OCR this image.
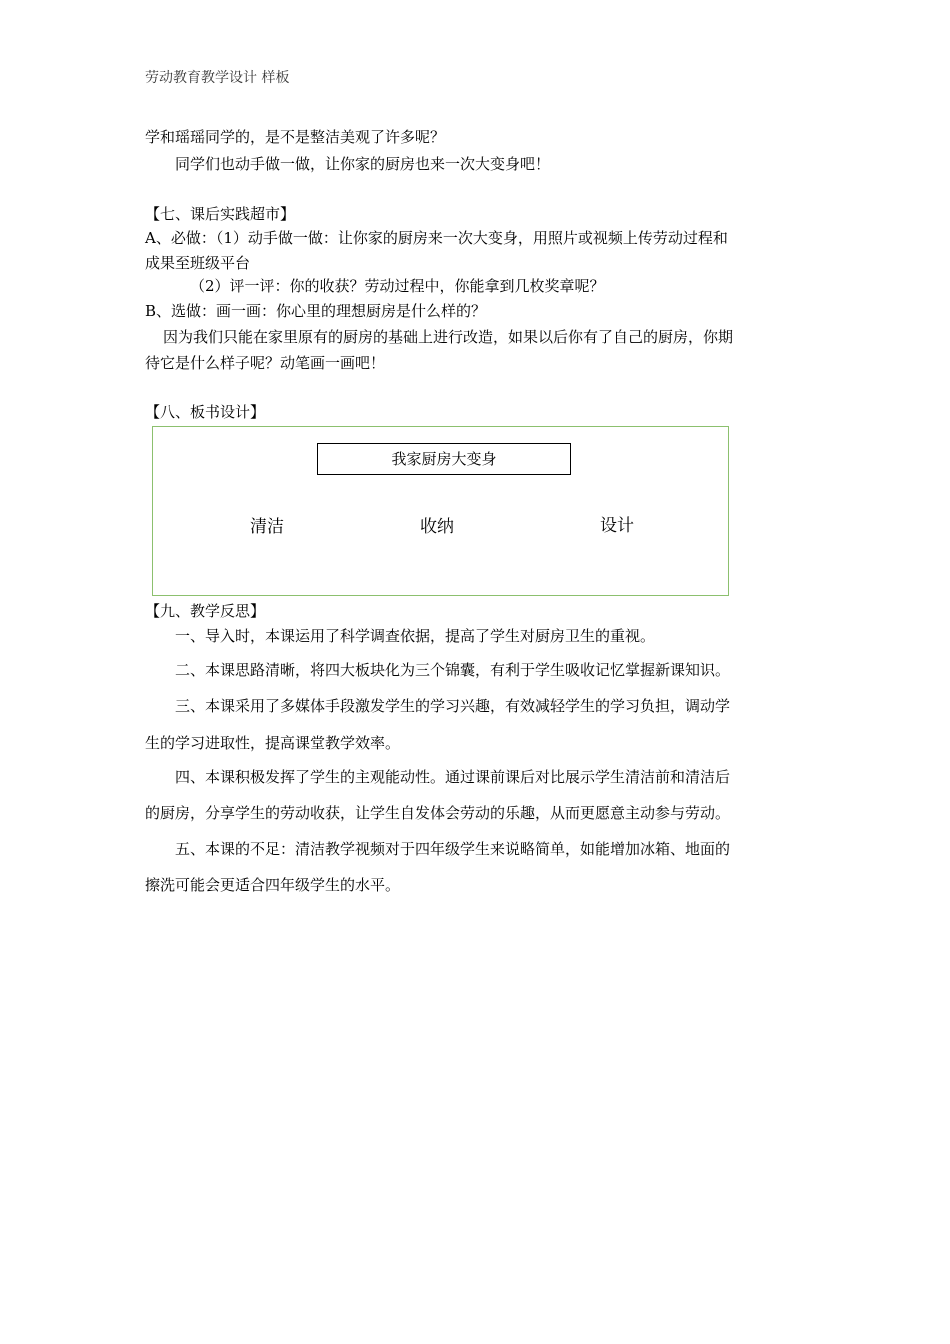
劳动教育教学设计 样板
学和瑶瑶同学的，是不是整洁美观了许多呢？
同学们也动手做一做，让你家的厨房也来一次大变身吧！
【七、课后实践超市】
A、必做：（1）动手做一做：让你家的厨房来一次大变身，用照片或视频上传劳动过程和
成果至班级平台
（2）评一评：你的收获？劳动过程中，你能拿到几枚奖章呢？
B、选做：画一画：你心里的理想厨房是什么样的？
因为我们只能在家里原有的厨房的基础上进行改造，如果以后你有了自己的厨房，你期
待它是什么样子呢？动笔画一画吧！
【八、板书设计】
我家厨房大变身
清洁	收纳	设计
【九、教学反思】
一、导入时，本课运用了科学调查依据，提高了学生对厨房卫生的重视。
二、本课思路清晰，将四大板块化为三个锦囊，有利于学生吸收记忆掌握新课知识。
三、本课采用了多媒体手段激发学生的学习兴趣，有效减轻学生的学习负担，调动学
生的学习进取性，提高课堂教学效率。
四、本课积极发挥了学生的主观能动性。通过课前课后对比展示学生清洁前和清洁后
的厨房，分享学生的劳动收获，让学生自发体会劳动的乐趣，从而更愿意主动参与劳动。
五、本课的不足：清洁教学视频对于四年级学生来说略简单，如能增加冰箱、地面的
擦洗可能会更适合四年级学生的水平。
